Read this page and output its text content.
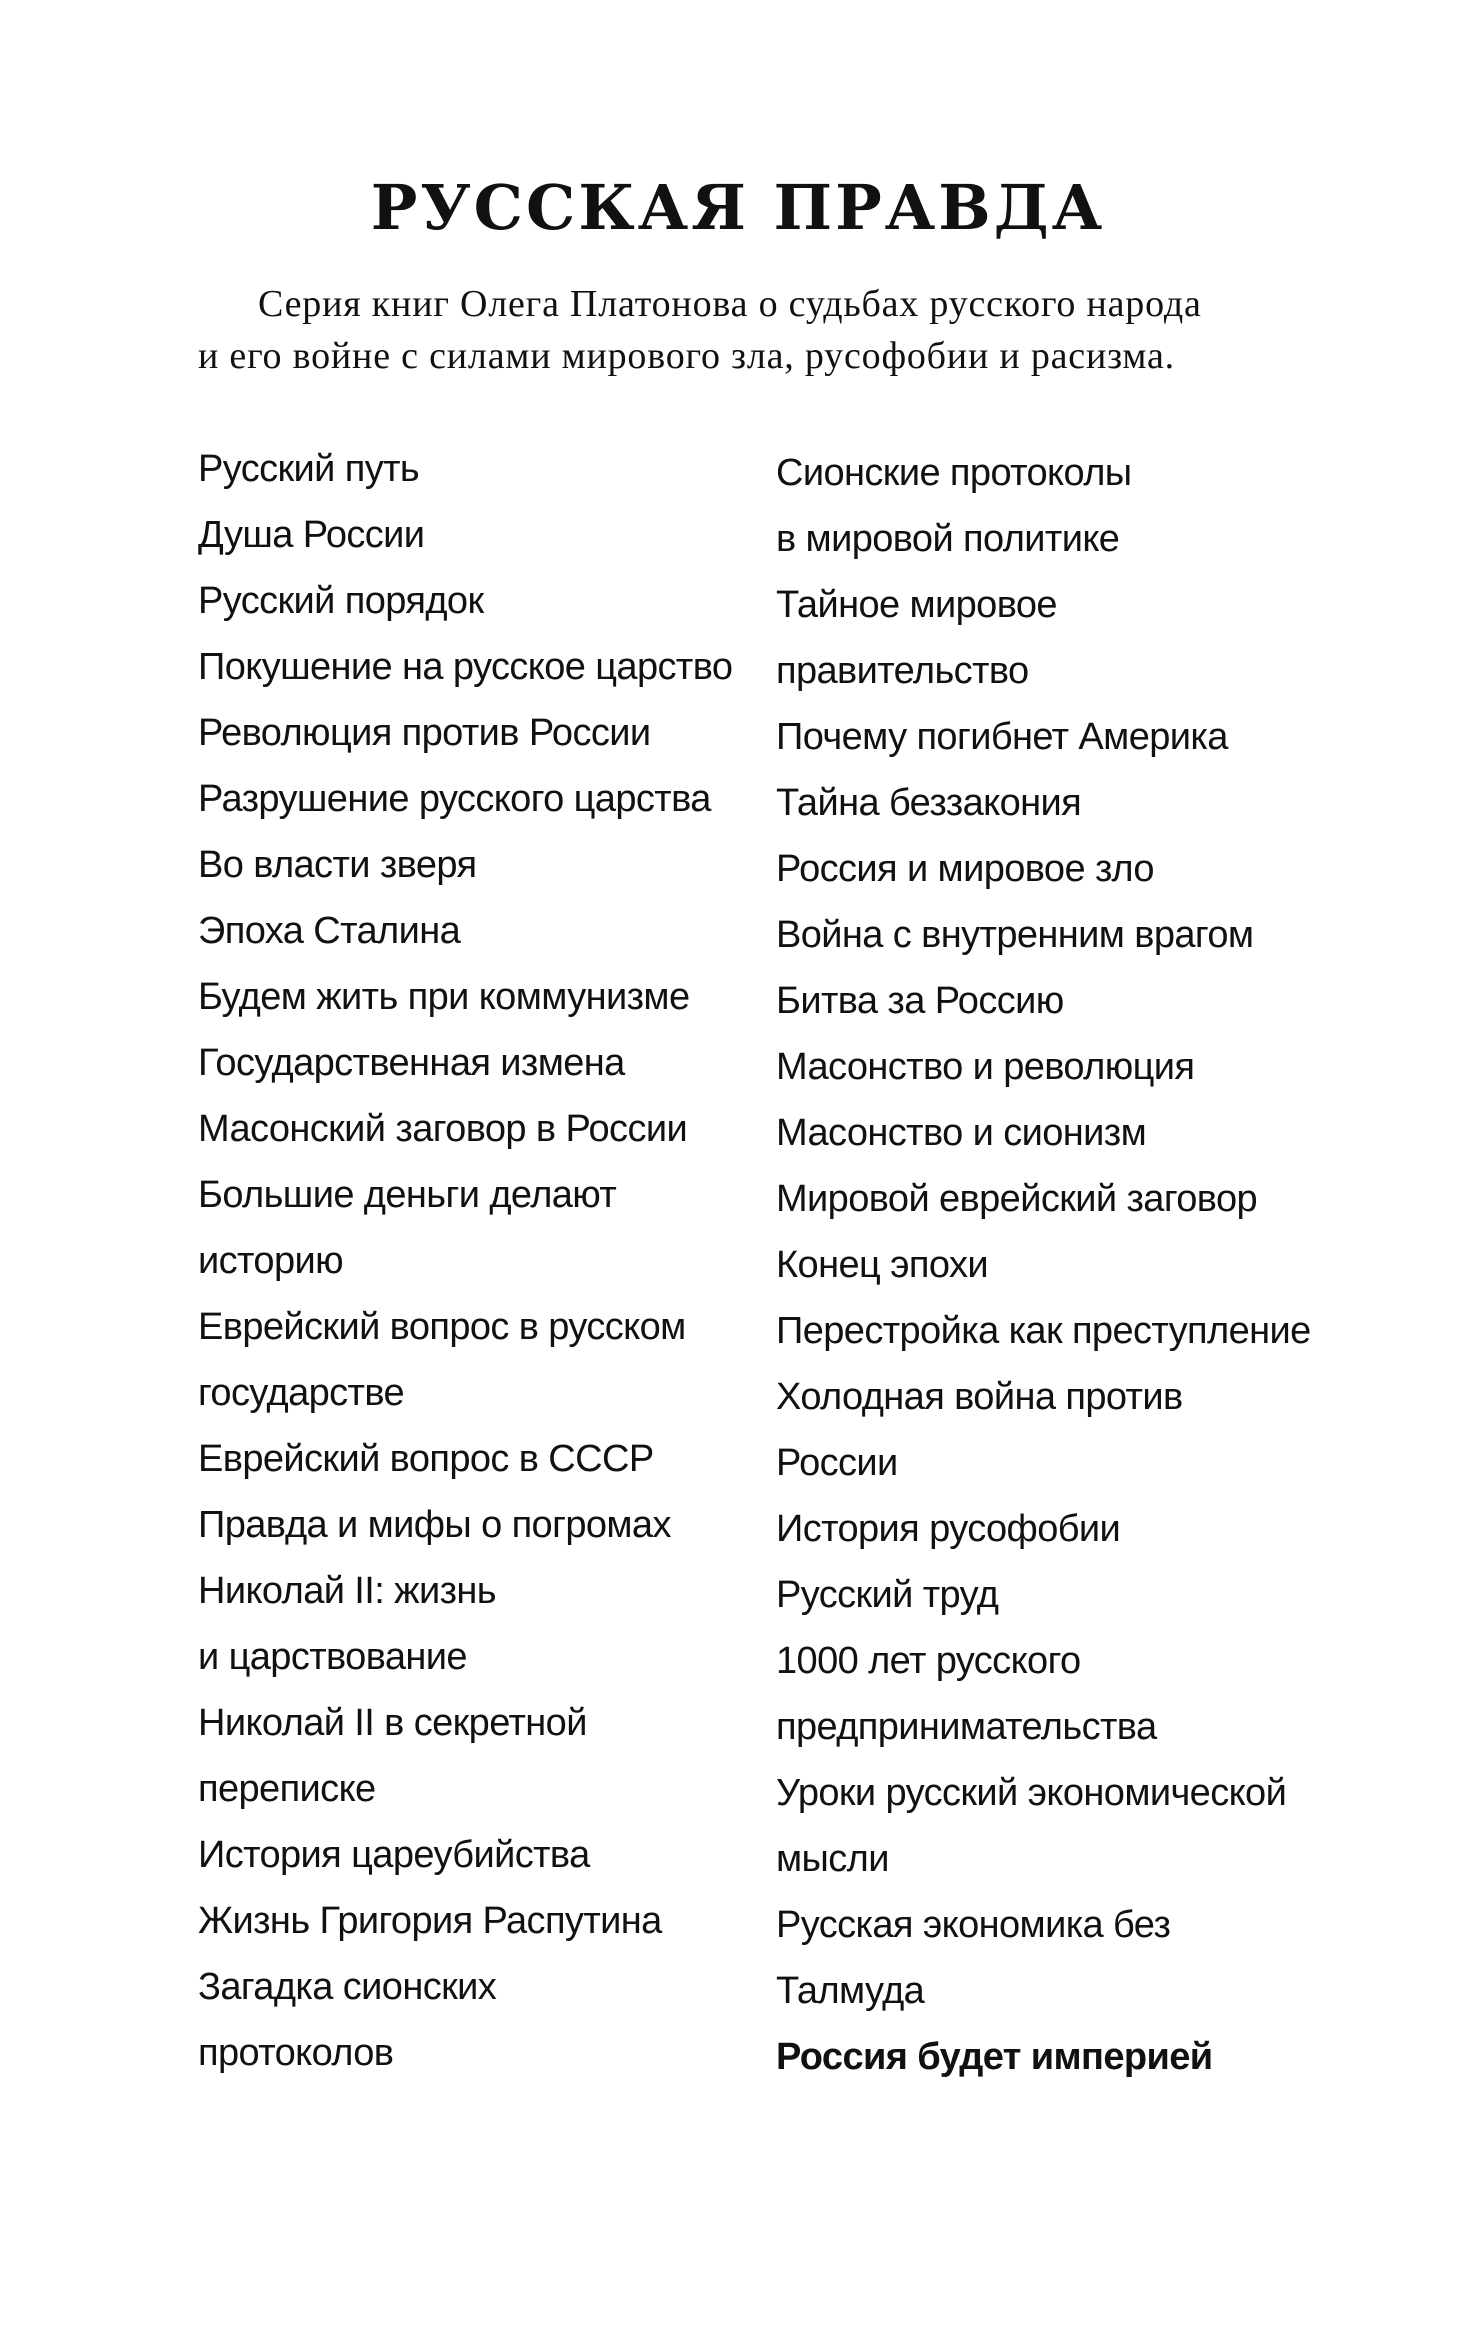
РУССКАЯ ПРАВДА

Серия книг Олега Платонова о судьбах русского народа

и его войне с силами мирового зла, русофобии и расизма.

Русский путь
Душа России
Русский порядок
Покушение на русское царство
Революция против России
Разрушение русского царства
Во власти зверя
Эпоха Сталина
Будем жить при коммунизме
Государственная измена
Масонский заговор в России
Большие деньги делают
историю
Еврейский вопрос в русском
государстве
Еврейский вопрос в СССР
Правда и мифы о погромах
Николай II: жизнь
и царствование
Николай II в секретной
переписке
История цареубийства
Жизнь Григория Распутина
Загадка сионских
протоколов
Сионские протоколы
в мировой политике
Тайное мировое
правительство
Почему погибнет Америка
Тайна беззакония
Россия и мировое зло
Война с внутренним врагом
Битва за Россию
Масонство и революция
Масонство и сионизм
Мировой еврейский заговор
Конец эпохи
Перестройка как преступление
Холодная война против
России
История русофобии
Русский труд
1000 лет русского
предпринимательства
Уроки русский экономической
мысли
Русская экономика без
Талмуда
Россия будет империей
